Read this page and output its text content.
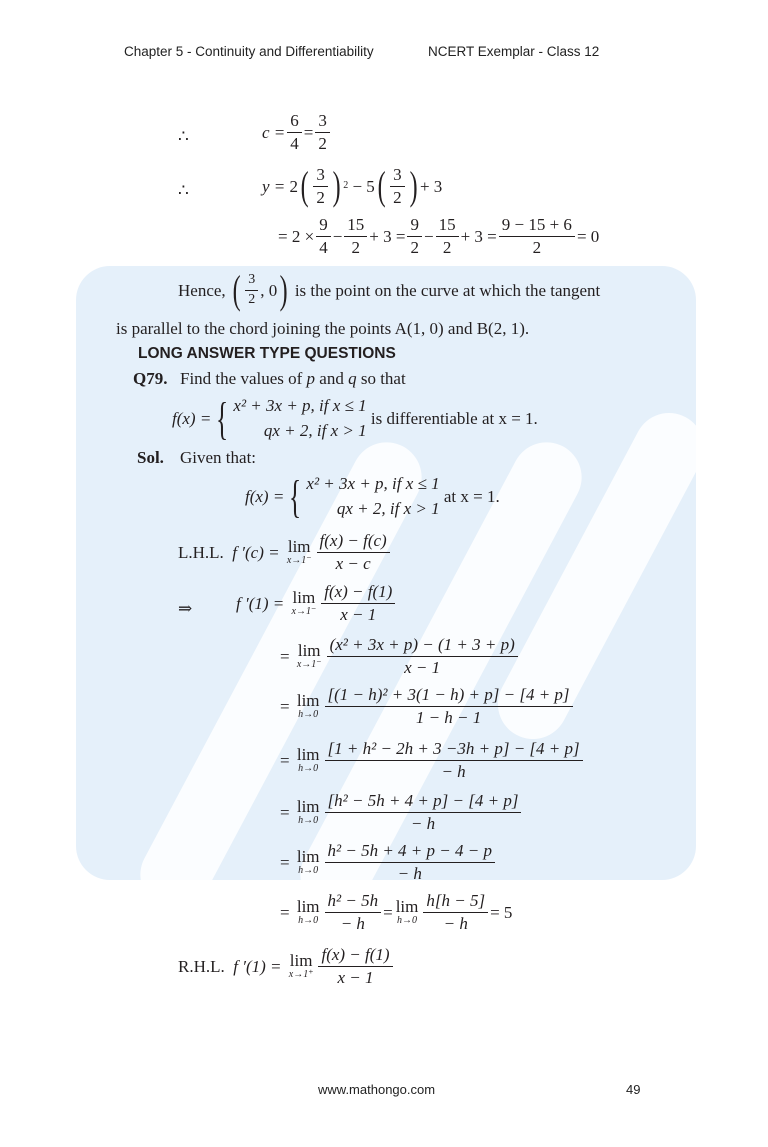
Chapter 5 - Continuity and Differentiability	NCERT Exemplar - Class 12
∴	$c = \frac{6}{4} = \frac{3}{2}$
∴	y =
2 ( $\frac{3}{2}$ ) 2
− 5 ( $\frac{3}{2}$ ) + 3
=
$2 \times \frac{9}{4} - \frac{15}{2} + 3 = \frac{9}{2} - \frac{15}{2} + 3 = \frac{9 - 15 + 6}{2} = 0$
Hence,
( $\frac{3}{2}$ , 0 )
is the point on the curve at which the tangent
is parallel to the chord joining the points A(1, 0) and B(2, 1).
LONG ANSWER TYPE QUESTIONS
Q79. Find the values of p and q so that
f(x) = { x² + 3x + p, if x ≤ 1
qx + 2, if x > 1

is differentiable at x = 1.
Sol. Given that:
f(x) = { x² + 3x + p, if x ≤ 1
qx + 2, if x > 1

at x = 1.
L.H.L.
f ′(c) =
lim
$x\to 1^- \frac{f(x) - f(c)}{x - c}$
⇒	f ′(1) =
lim
$x\to 1^- \frac{f(x) - f(1)}{x - 1}$
=
lim
$x\to 1^- \frac{\text{(x² + 3x + p) − (1 + 3 + p)}}{x - 1}$
=
lim
$h\to 0 \frac{\text{[(1 − h)² + 3(1 − h) + p] − [4 + p]}}{1 - h - 1}$
=
lim
$h\to 0 \frac{\text{[1 + h² − 2h + 3 −3h + p] − [4 + p]}}{- h}$
=
lim
$h\to 0 \frac{\text{[h² − 5h + 4 + p] − [4 + p]}}{- h}$
=
lim
$h\to 0 \frac{\text{h² − 5h + 4 + p − 4 − p}}{- h}$
=
lim
$h\to 0 \frac{\text{h² − 5h}}{- h} = \lim$
$h\to 0 \frac{h[h - 5]}{- h} = 5$
R.H.L.
f ′(1) =
lim
$x\to 1^+ \frac{f(x) - f(1)}{x - 1}$
www.mathongo.com	49
